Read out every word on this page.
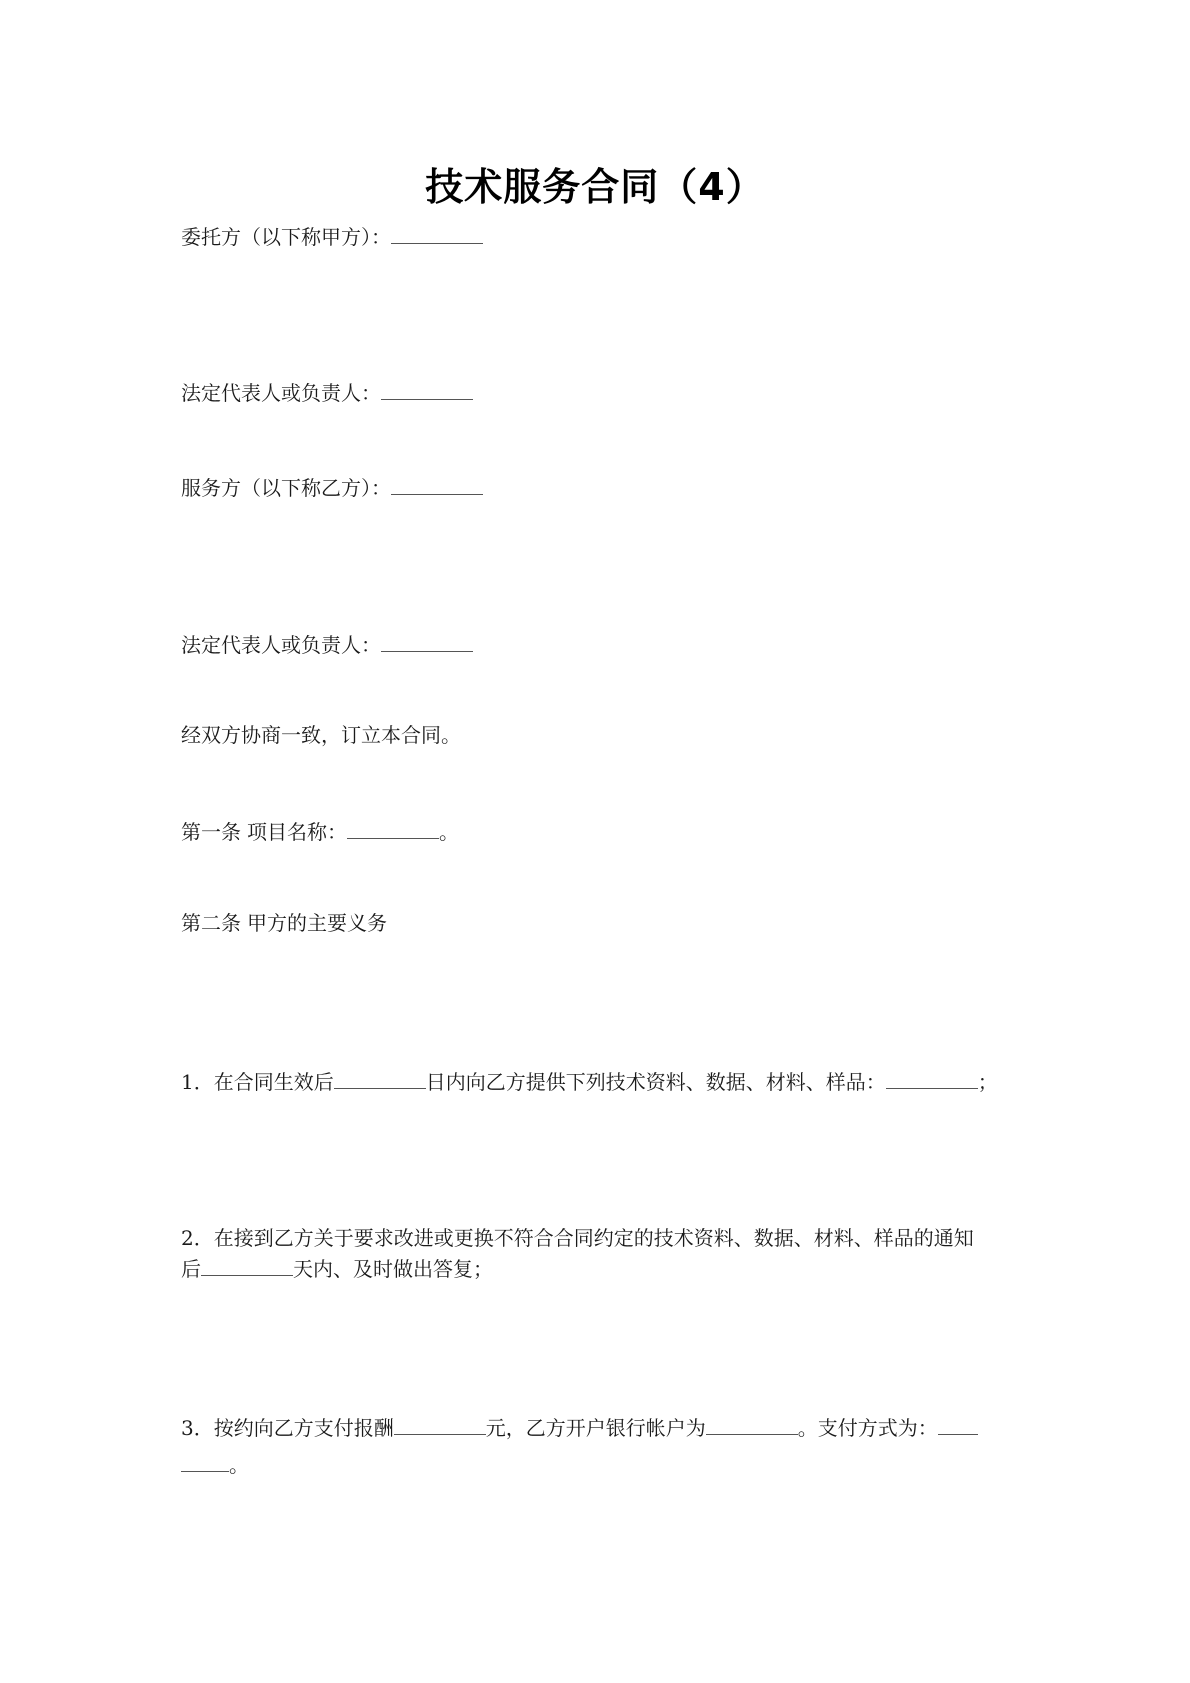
技术服务合同（4）
委托方（以下称甲方）：
法定代表人或负责人：
服务方（以下称乙方）：
法定代表人或负责人：
经双方协商一致，订立本合同。
第一条 项目名称：	。
第二条 甲方的主要义务
1．在合同生效后	日内向乙方提供下列技术资料、数据、材料、样品：	；
2．在接到乙方关于要求改进或更换不符合合同约定的技术资料、数据、材料、样品的通知
后	天内、及时做出答复；
3．按约向乙方支付报酬	元，乙方开户银行帐户为	。支付方式为：
。
